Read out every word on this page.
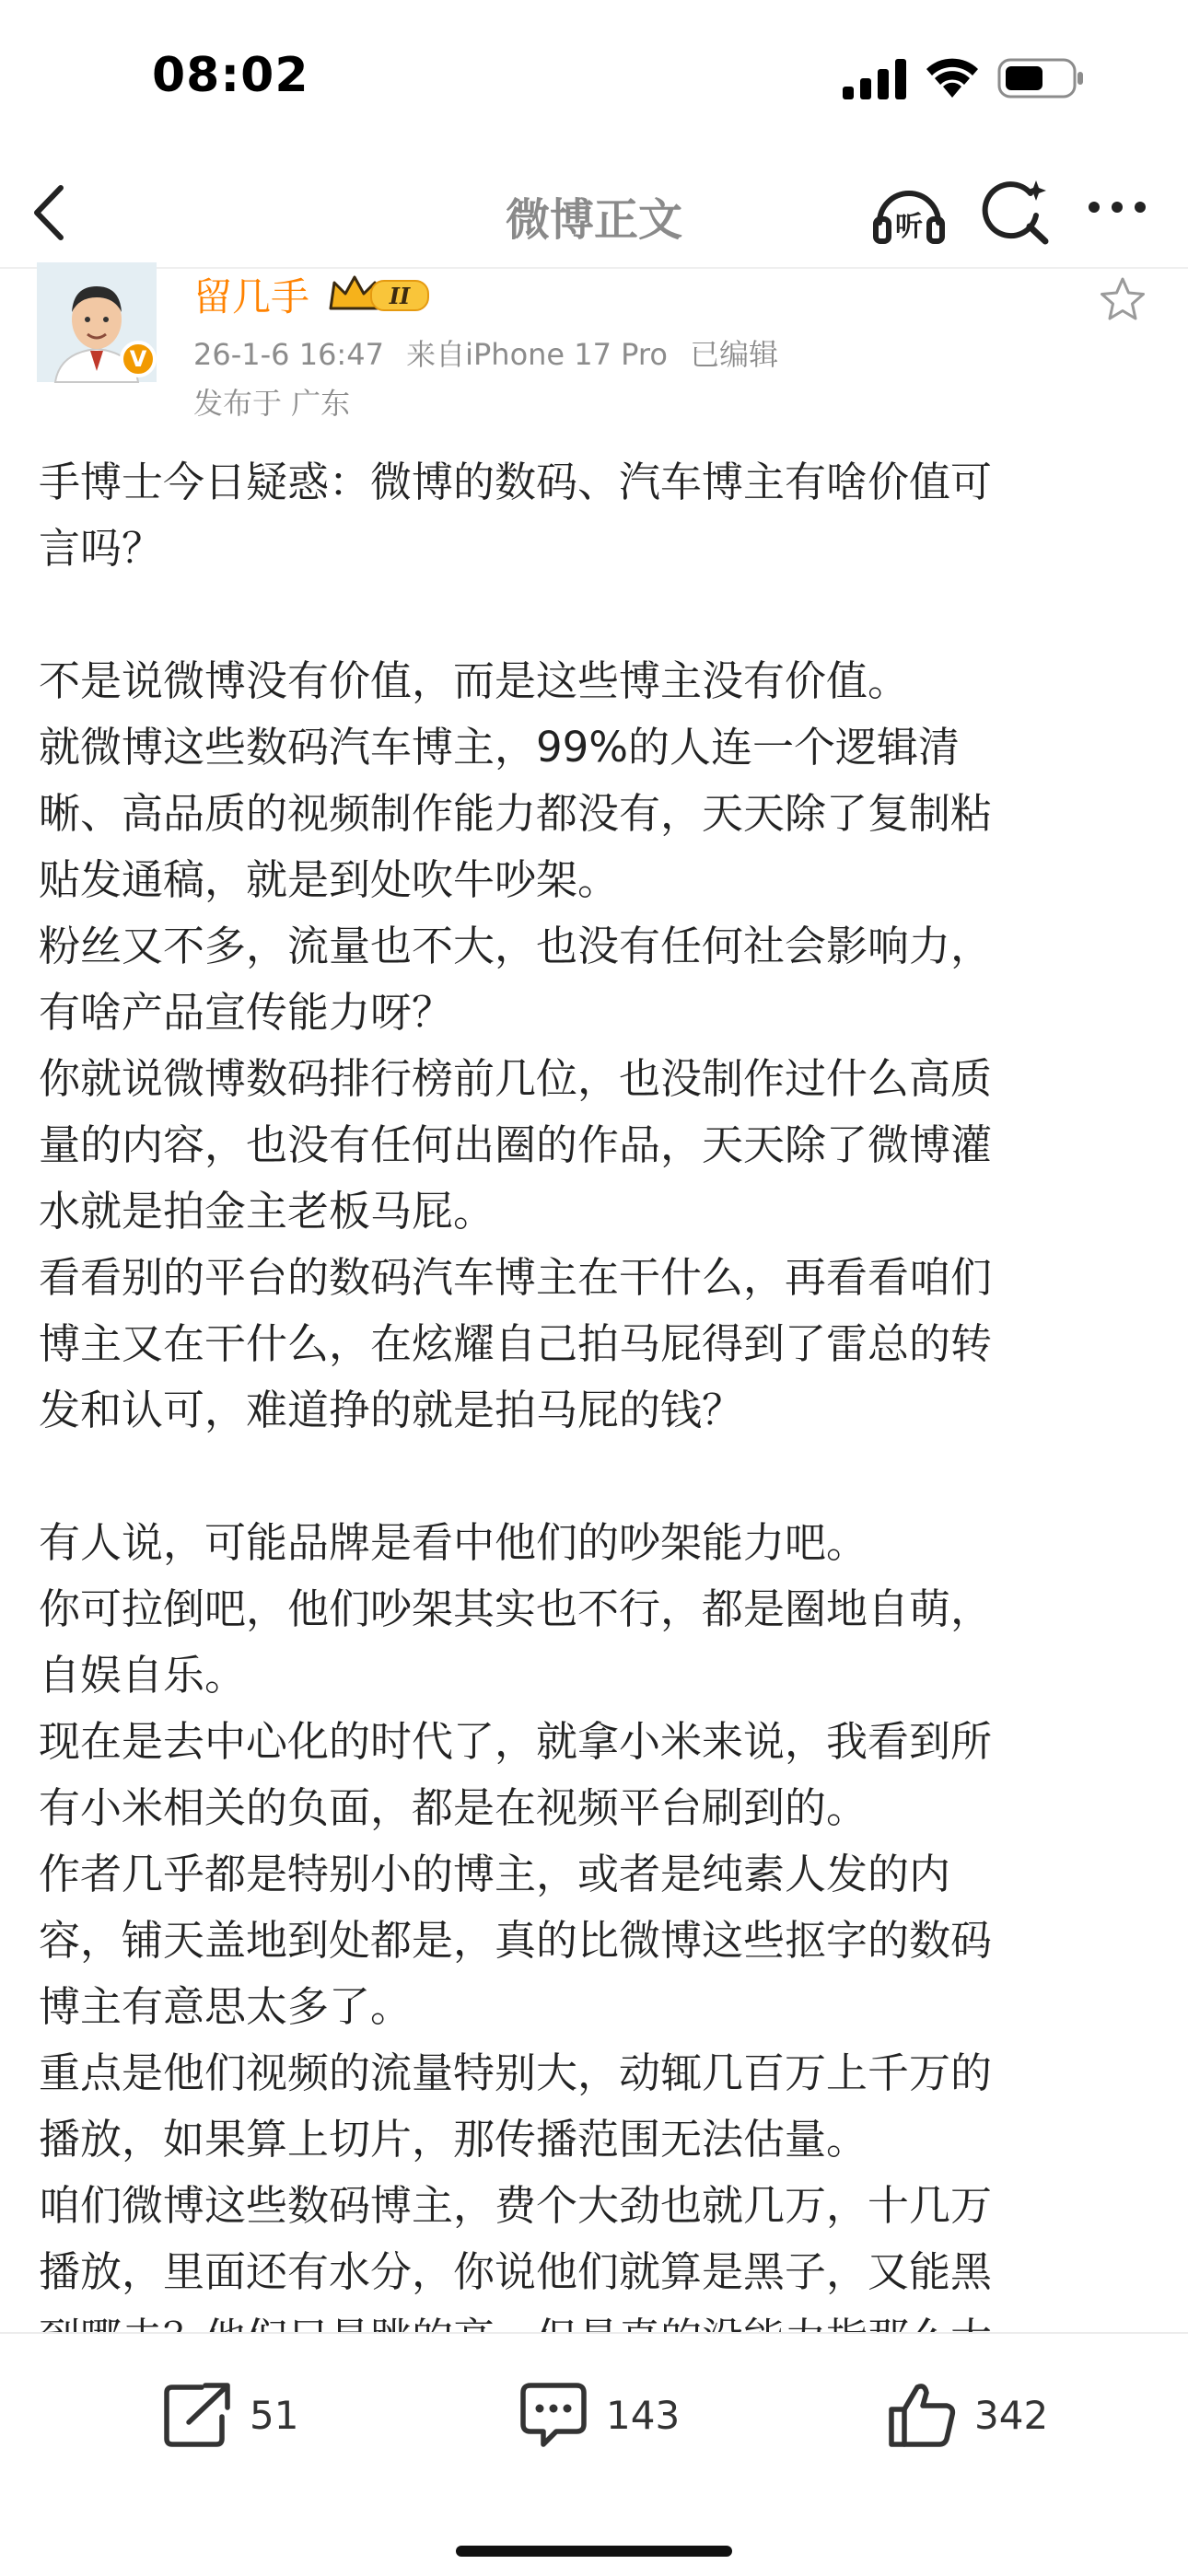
08:02
微博正文	听
V
留几手	II
26-1-6 16:47 来自iPhone 17 Pro 已编辑
发布于 广东
手博士今日疑惑：微博的数码、汽车博主有啥价值可
言吗？
不是说微博没有价值，而是这些博主没有价值。
就微博这些数码汽车博主，99%的人连一个逻辑清
晰、高品质的视频制作能力都没有，天天除了复制粘
贴发通稿，就是到处吹牛吵架。
粉丝又不多，流量也不大，也没有任何社会影响力，
有啥产品宣传能力呀？
你就说微博数码排行榜前几位，也没制作过什么高质
量的内容，也没有任何出圈的作品，天天除了微博灌
水就是拍金主老板马屁。
看看别的平台的数码汽车博主在干什么，再看看咱们
博主又在干什么，在炫耀自己拍马屁得到了雷总的转
发和认可，难道挣的就是拍马屁的钱？
有人说，可能品牌是看中他们的吵架能力吧。
你可拉倒吧，他们吵架其实也不行，都是圈地自萌，
自娱自乐。
现在是去中心化的时代了，就拿小米来说，我看到所
有小米相关的负面，都是在视频平台刷到的。
作者几乎都是特别小的博主，或者是纯素人发的内
容，铺天盖地到处都是，真的比微博这些抠字的数码
博主有意思太多了。
重点是他们视频的流量特别大，动辄几百万上千万的
播放，如果算上切片，那传播范围无法估量。
咱们微博这些数码博主，费个大劲也就几万，十几万
播放，里面还有水分，你说他们就算是黑子，又能黑
51	143	342
